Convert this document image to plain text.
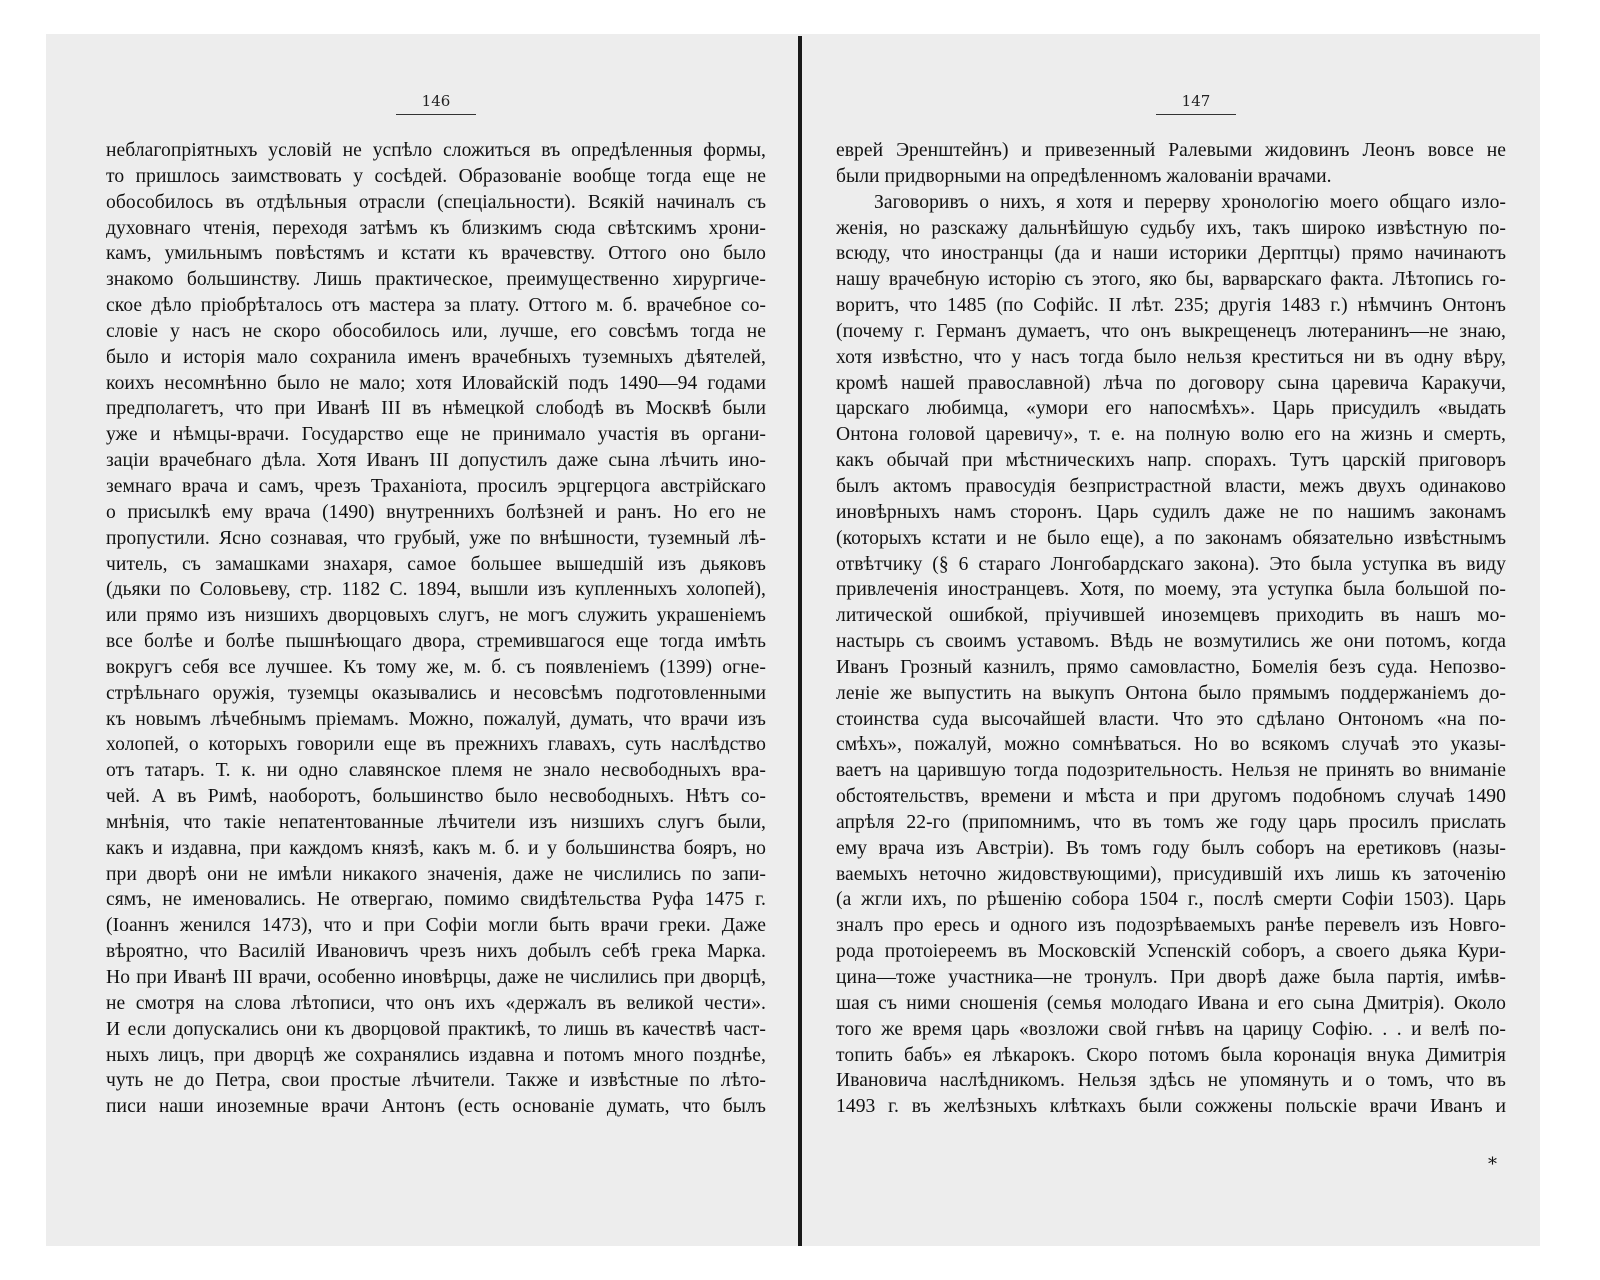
146
неблагопріятныхъ условій не успѣло сложиться въ опредѣленныя формы,
то пришлось заимствовать у сосѣдей. Образованіе вообще тогда еще не
обособилось въ отдѣльныя отрасли (спеціальности). Всякій начиналъ съ
духовнаго чтенія, переходя затѣмъ къ близкимъ сюда свѣтскимъ хрони-
камъ, умильнымъ повѣстямъ и кстати къ врачевству. Оттого оно было
знакомо большинству. Лишь практическое, преимущественно хирургиче-
ское дѣло пріобрѣталось отъ мастера за плату. Оттого м. б. врачебное со-
словіе у насъ не скоро обособилось или, лучше, его совсѣмъ тогда не
было и исторія мало сохранила именъ врачебныхъ туземныхъ дѣятелей,
коихъ несомнѣнно было не мало; хотя Иловайскій подъ 1490—94 годами
предполагетъ, что при Иванѣ III въ нѣмецкой слободѣ въ Москвѣ были
уже и нѣмцы-врачи. Государство еще не принимало участія въ органи-
заціи врачебнаго дѣла. Хотя Иванъ III допустилъ даже сына лѣчить ино-
земнаго врача и самъ, чрезъ Траханіота, просилъ эрцгерцога австрійскаго
о присылкѣ ему врача (1490) внутреннихъ болѣзней и ранъ. Но его не
пропустили. Ясно сознавая, что грубый, уже по внѣшности, туземный лѣ-
читель, съ замашками знахаря, самое большее вышедшій изъ дьяковъ
(дьяки по Соловьеву, стр. 1182 С. 1894, вышли изъ купленныхъ холопей),
или прямо изъ низшихъ дворцовыхъ слугъ, не могъ служить украшеніемъ
все болѣе и болѣе пышнѣющаго двора, стремившагося еще тогда имѣть
вокругъ себя все лучшее. Къ тому же, м. б. съ появленіемъ (1399) огне-
стрѣльнаго оружія, туземцы оказывались и несовсѣмъ подготовленными
къ новымъ лѣчебнымъ пріемамъ. Можно, пожалуй, думать, что врачи изъ
холопей, о которыхъ говорили еще въ прежнихъ главахъ, суть наслѣдство
отъ татаръ. Т. к. ни одно славянское племя не знало несвободныхъ вра-
чей. А въ Римѣ, наоборотъ, большинство было несвободныхъ. Нѣтъ со-
мнѣнія, что такіе непатентованные лѣчители изъ низшихъ слугъ были,
какъ и издавна, при каждомъ князѣ, какъ м. б. и у большинства бояръ, но
при дворѣ они не имѣли никакого значенія, даже не числились по запи-
сямъ, не именовались. Не отвергаю, помимо свидѣтельства Руфа 1475 г.
(Іоаннъ женился 1473), что и при Софіи могли быть врачи греки. Даже
вѣроятно, что Василій Ивановичъ чрезъ нихъ добылъ себѣ грека Марка.
Но при Иванѣ III врачи, особенно иновѣрцы, даже не числились при дворцѣ,
не смотря на слова лѣтописи, что онъ ихъ «держалъ въ великой чести».
И если допускались они къ дворцовой практикѣ, то лишь въ качествѣ част-
ныхъ лицъ, при дворцѣ же сохранялись издавна и потомъ много позднѣе,
чуть не до Петра, свои простые лѣчители. Также и извѣстные по лѣто-
писи наши иноземные врачи Антонъ (есть основаніе думать, что былъ
147
еврей Эренштейнъ) и привезенный Ралевыми жидовинъ Леонъ вовсе не
были придворными на опредѣленномъ жалованіи врачами.
Заговоривъ о нихъ, я хотя и перерву хронологію моего общаго изло-
женія, но разскажу дальнѣйшую судьбу ихъ, такъ широко извѣстную по-
всюду, что иностранцы (да и наши историки Дерптцы) прямо начинаютъ
нашу врачебную исторію съ этого, яко бы, варварскаго факта. Лѣтопись го-
воритъ, что 1485 (по Софійс. II лѣт. 235; другія 1483 г.) нѣмчинъ Онтонъ
(почему г. Германъ думаетъ, что онъ выкрещенецъ лютеранинъ—не знаю,
хотя извѣстно, что у насъ тогда было нельзя креститься ни въ одну вѣру,
кромѣ нашей православной) лѣча по договору сына царевича Каракучи,
царскаго любимца, «умори его напосмѣхъ». Царь присудилъ «выдать
Онтона головой царевичу», т. е. на полную волю его на жизнь и смерть,
какъ обычай при мѣстническихъ напр. спорахъ. Тутъ царскій приговоръ
былъ актомъ правосудія безпристрастной власти, межъ двухъ одинаково
иновѣрныхъ намъ сторонъ. Царь судилъ даже не по нашимъ законамъ
(которыхъ кстати и не было еще), а по законамъ обязательно извѣстнымъ
отвѣтчику (§ 6 стараго Лонгобардскаго закона). Это была уступка въ виду
привлеченія иностранцевъ. Хотя, по моему, эта уступка была большой по-
литической ошибкой, пріучившей иноземцевъ приходить въ нашъ мо-
настырь съ своимъ уставомъ. Вѣдь не возмутились же они потомъ, когда
Иванъ Грозный казнилъ, прямо самовластно, Бомелія безъ суда. Непозво-
леніе же выпустить на выкупъ Онтона было прямымъ поддержаніемъ до-
стоинства суда высочайшей власти. Что это сдѣлано Онтономъ «на по-
смѣхъ», пожалуй, можно сомнѣваться. Но во всякомъ случаѣ это указы-
ваетъ на царившую тогда подозрительность. Нельзя не принять во вниманіе
обстоятельствъ, времени и мѣста и при другомъ подобномъ случаѣ 1490
апрѣля 22-го (припомнимъ, что въ томъ же году царь просилъ прислать
ему врача изъ Австріи). Въ томъ году былъ соборъ на еретиковъ (назы-
ваемыхъ неточно жидовствующими), присудившій ихъ лишь къ заточенію
(а жгли ихъ, по рѣшенію собора 1504 г., послѣ смерти Софіи 1503). Царь
зналъ про ересь и одного изъ подозрѣваемыхъ ранѣе перевелъ изъ Новго-
рода протоіереемъ въ Московскій Успенскій соборъ, а своего дьяка Кури-
цина—тоже участника—не тронулъ. При дворѣ даже была партія, имѣв-
шая съ ними сношенія (семья молодаго Ивана и его сына Дмитрія). Около
того же время царь «возложи свой гнѣвъ на царицу Софію. . . и велѣ по-
топить бабъ» ея лѣкарокъ. Скоро потомъ была коронація внука Димитрія
Ивановича наслѣдникомъ. Нельзя здѣсь не упомянуть и о томъ, что въ
1493 г. въ желѣзныхъ клѣткахъ были сожжены польскіе врачи Иванъ и
*
